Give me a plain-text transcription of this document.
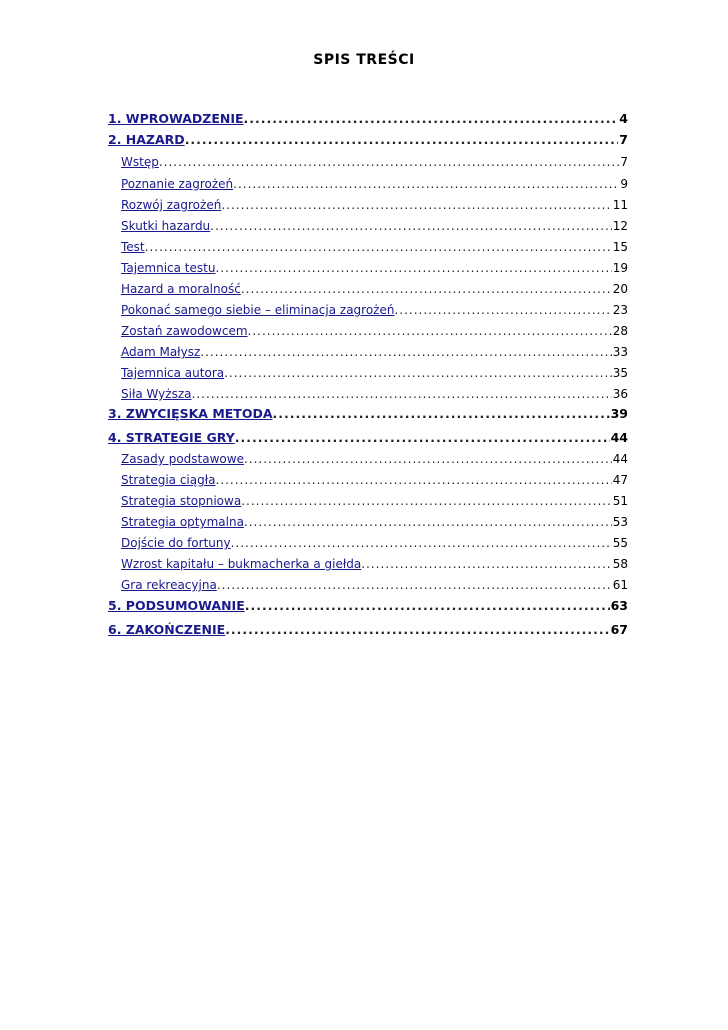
SPIS TREŚCI
1. WPROWADZENIE .....	4
2. HAZARD .....	7
Wstęp .....	7
Poznanie zagrożeń .....	9
Rozwój zagrożeń .....	11
Skutki hazardu .....	12
Test .....	15
Tajemnica testu .....	19
Hazard a moralność .....	20
Pokonać samego siebie – eliminacja zagrożeń .....	23
Zostań zawodowcem .....	28
Adam Małysz .....	33
Tajemnica autora .....	35
Siła Wyższa .....	36
3. ZWYCIĘSKA METODA .....	39
4. STRATEGIE GRY .....	44
Zasady podstawowe .....	44
Strategia ciągła .....	47
Strategia stopniowa .....	51
Strategia optymalna .....	53
Dojście do fortuny .....	55
Wzrost kapitału – bukmacherka a giełda .....	58
Gra rekreacyjna .....	61
5. PODSUMOWANIE .....	63
6. ZAKOŃCZENIE .....	67
